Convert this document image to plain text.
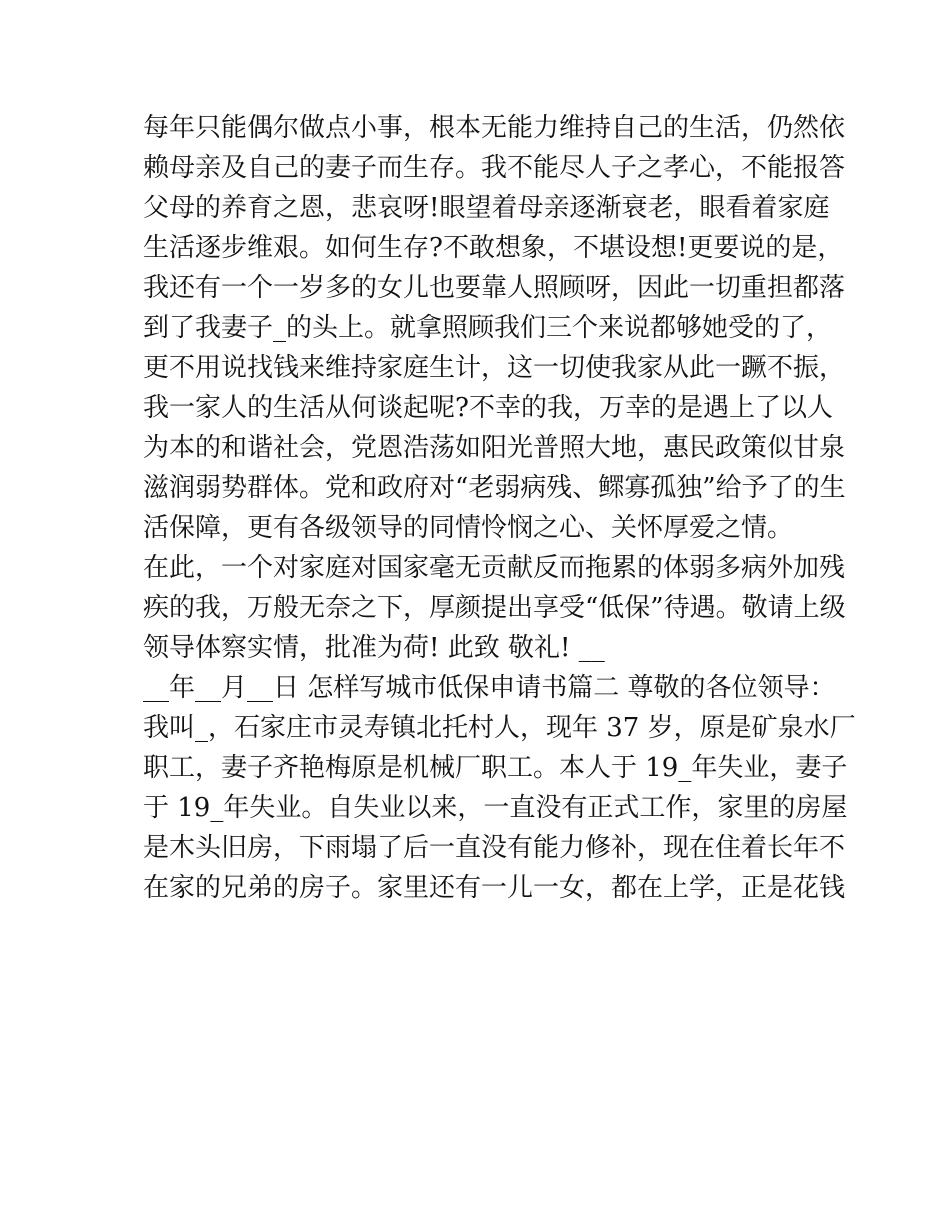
每年只能偶尔做点小事，根本无能力维持自己的生活，仍然依
赖母亲及自己的妻子而生存。我不能尽人子之孝心，不能报答
父母的养育之恩，悲哀呀!眼望着母亲逐渐衰老，眼看着家庭
生活逐步维艰。如何生存?不敢想象，不堪设想!更要说的是，
我还有一个一岁多的女儿也要靠人照顾呀，因此一切重担都落
到了我妻子_的头上。就拿照顾我们三个来说都够她受的了，
更不用说找钱来维持家庭生计，这一切使我家从此一蹶不振，
我一家人的生活从何谈起呢?不幸的我，万幸的是遇上了以人
为本的和谐社会，党恩浩荡如阳光普照大地，惠民政策似甘泉
滋润弱势群体。党和政府对“老弱病残、鳏寡孤独”给予了的生
活保障，更有各级领导的同情怜悯之心、关怀厚爱之情。
在此，一个对家庭对国家毫无贡献反而拖累的体弱多病外加残
疾的我，万般无奈之下，厚颜提出享受“低保”待遇。敬请上级
领导体察实情，批准为荷! 此致 敬礼! __
__年__月__日 怎样写城市低保申请书篇二 尊敬的各位领导：
我叫_，石家庄市灵寿镇北托村人，现年 37 岁，原是矿泉水厂
职工，妻子齐艳梅原是机械厂职工。本人于 19_年失业，妻子
于 19_年失业。自失业以来，一直没有正式工作，家里的房屋
是木头旧房，下雨塌了后一直没有能力修补，现在住着长年不
在家的兄弟的房子。家里还有一儿一女，都在上学，正是花钱
